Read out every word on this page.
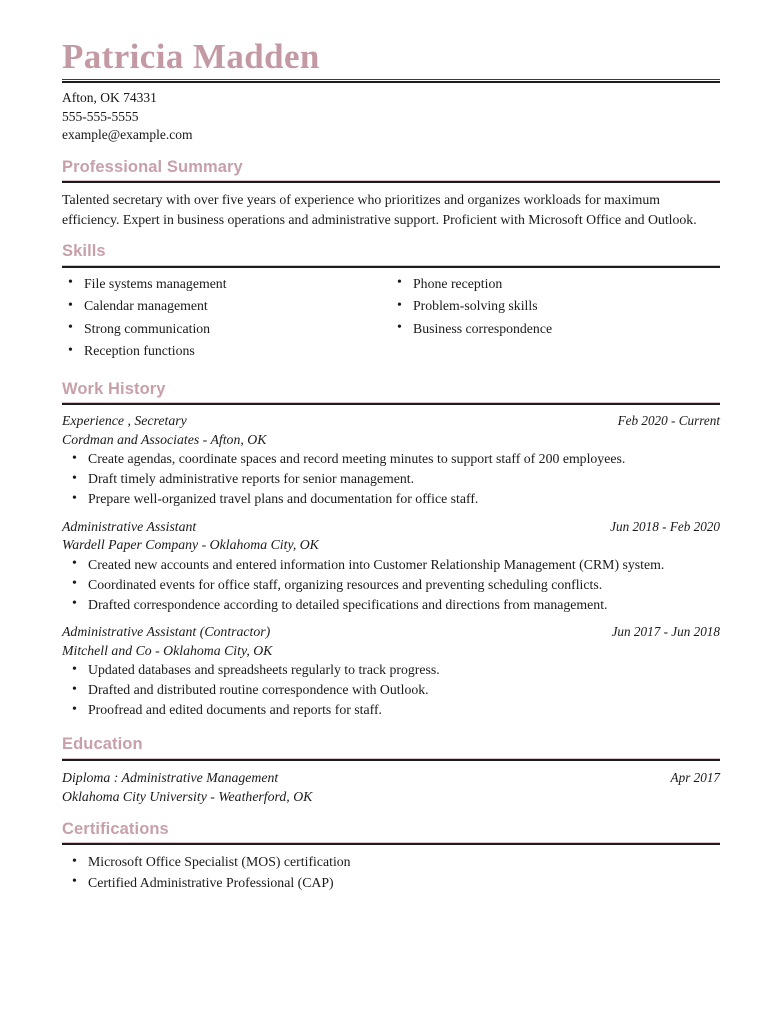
Patricia Madden
Afton, OK 74331
555-555-5555
example@example.com
Professional Summary

Talented secretary with over five years of experience who prioritizes and organizes workloads for maximum efficiency. Expert in business operations and administrative support. Proficient with Microsoft Office and Outlook.

Skills
• File systems management
• Calendar management
• Strong communication
• Reception functions
• Phone reception
• Problem-solving skills
• Business correspondence
Work History
Experience , Secretary	Feb 2020 - Current
Cordman and Associates - Afton, OK
• Create agendas, coordinate spaces and record meeting minutes to support staff of 200 employees.
• Draft timely administrative reports for senior management.
• Prepare well-organized travel plans and documentation for office staff.
Administrative Assistant	Jun 2018 - Feb 2020
Wardell Paper Company - Oklahoma City, OK
• Created new accounts and entered information into Customer Relationship Management (CRM) system.
• Coordinated events for office staff, organizing resources and preventing scheduling conflicts.
• Drafted correspondence according to detailed specifications and directions from management.
Administrative Assistant (Contractor)	Jun 2017 - Jun 2018
Mitchell and Co - Oklahoma City, OK
• Updated databases and spreadsheets regularly to track progress.
• Drafted and distributed routine correspondence with Outlook.
• Proofread and edited documents and reports for staff.
Education
Diploma : Administrative Management	Apr 2017
Oklahoma City University - Weatherford, OK
Certifications
• Microsoft Office Specialist (MOS) certification
• Certified Administrative Professional (CAP)
